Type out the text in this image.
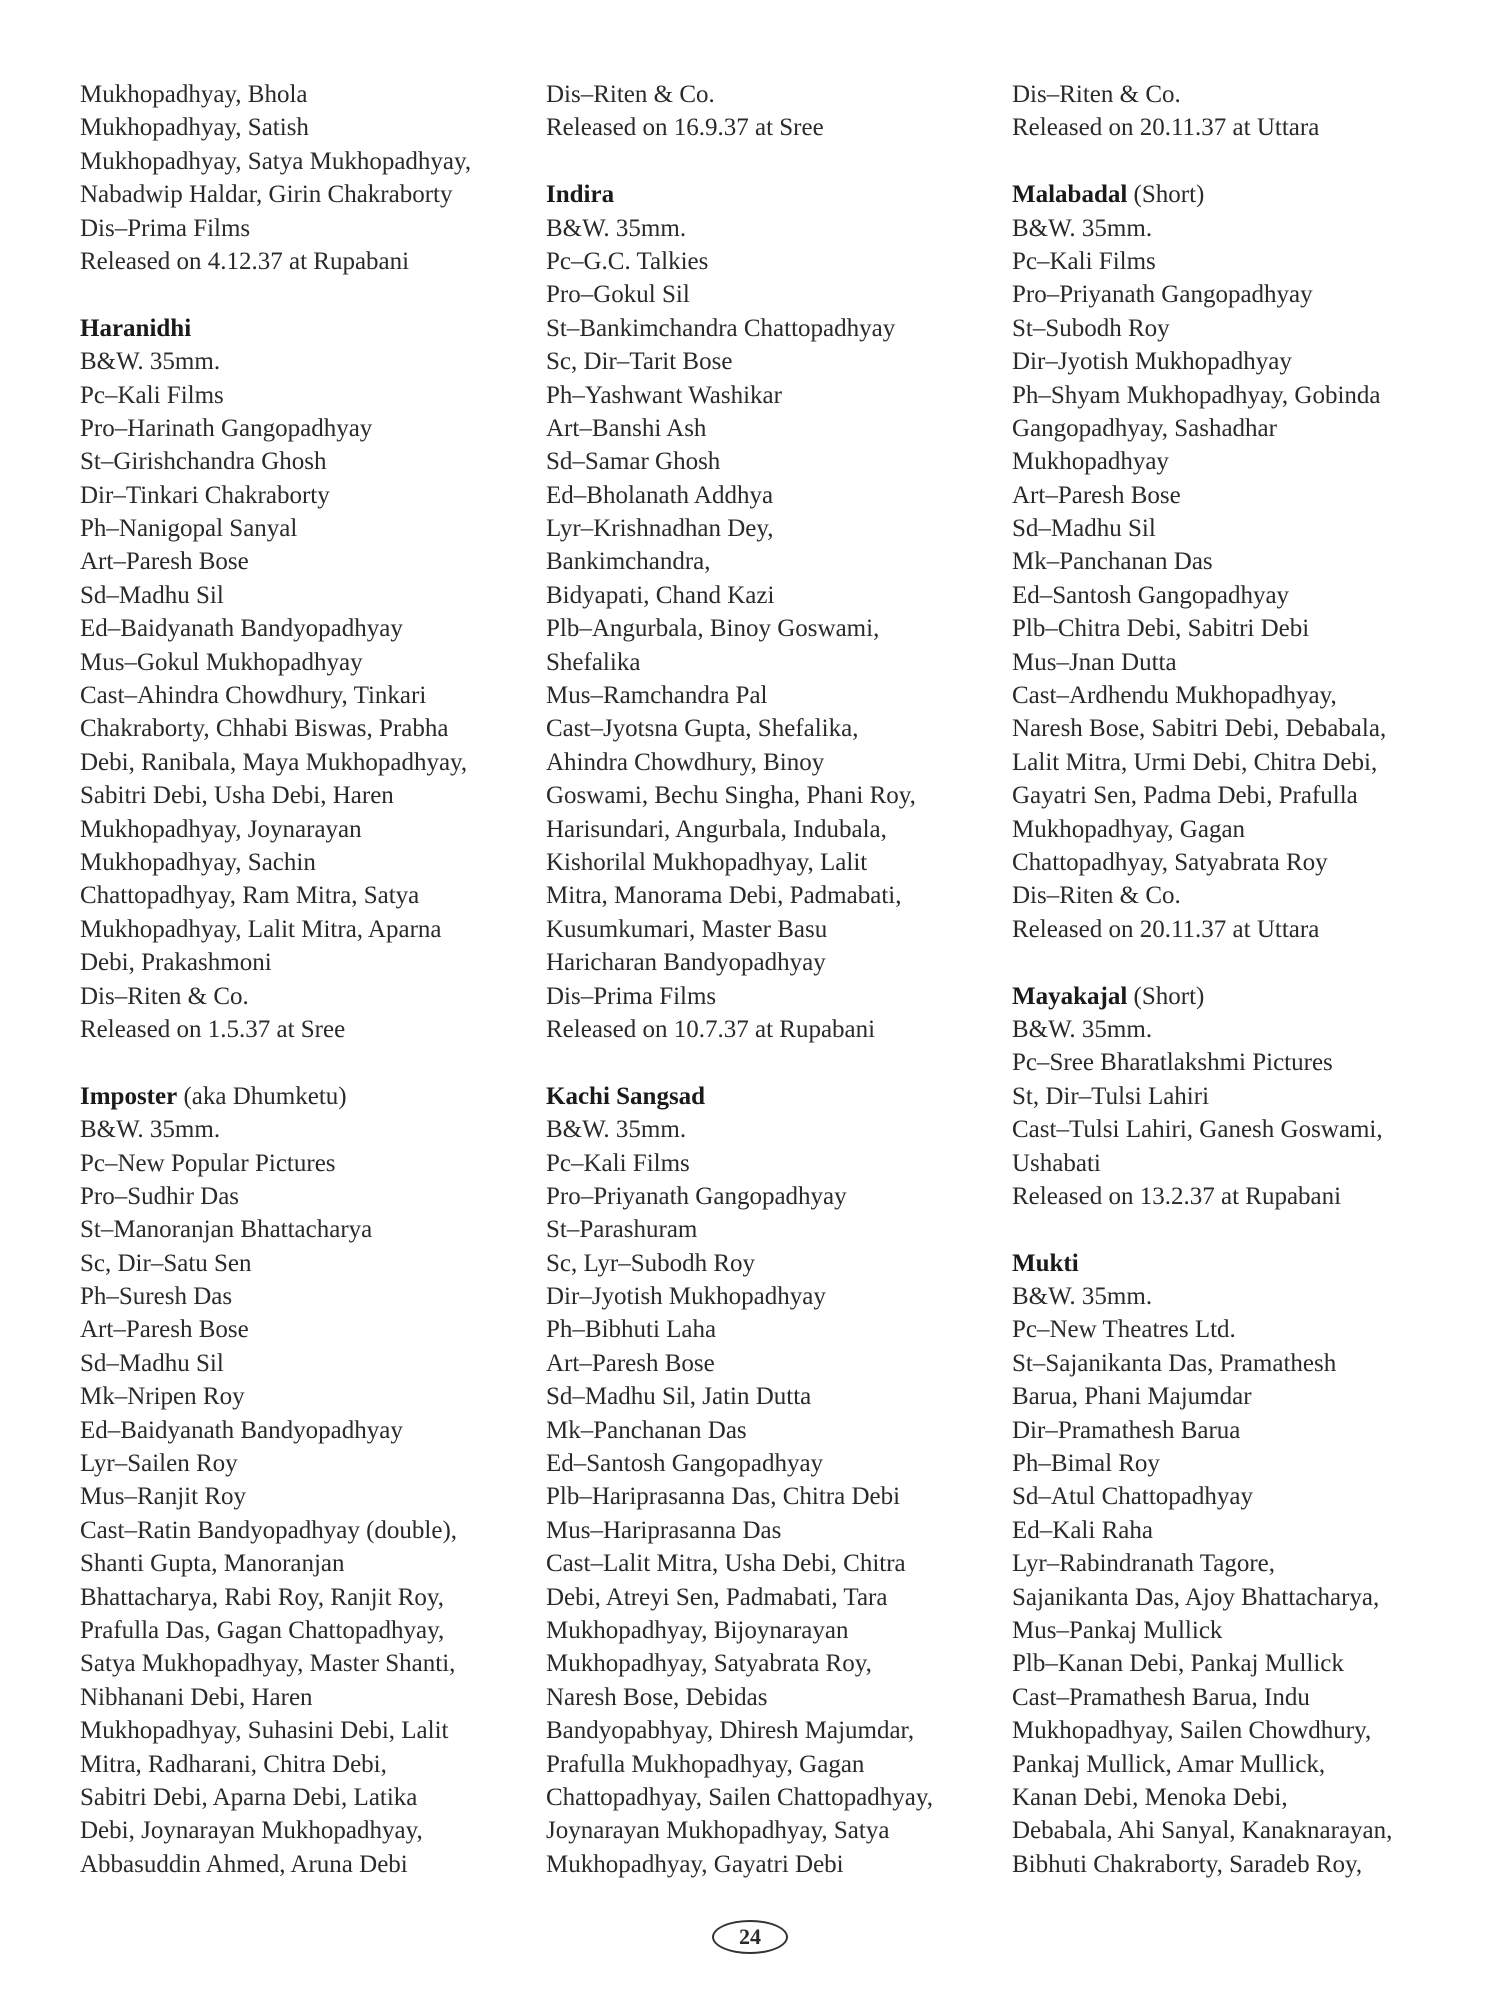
Mukhopadhyay, Bhola
Mukhopadhyay, Satish
Mukhopadhyay, Satya Mukhopadhyay,
Nabadwip Haldar, Girin Chakraborty
Dis–Prima Films
Released on 4.12.37 at Rupabani
Haranidhi
B&W. 35mm.
Pc–Kali Films
Pro–Harinath Gangopadhyay
St–Girishchandra Ghosh
Dir–Tinkari Chakraborty
Ph–Nanigopal Sanyal
Art–Paresh Bose
Sd–Madhu Sil
Ed–Baidyanath Bandyopadhyay
Mus–Gokul Mukhopadhyay
Cast–Ahindra Chowdhury, Tinkari
Chakraborty, Chhabi Biswas, Prabha
Debi, Ranibala, Maya Mukhopadhyay,
Sabitri Debi, Usha Debi, Haren
Mukhopadhyay, Joynarayan
Mukhopadhyay, Sachin
Chattopadhyay, Ram Mitra, Satya
Mukhopadhyay, Lalit Mitra, Aparna
Debi, Prakashmoni
Dis–Riten & Co.
Released on 1.5.37 at Sree
Imposter (aka Dhumketu)
B&W. 35mm.
Pc–New Popular Pictures
Pro–Sudhir Das
St–Manoranjan Bhattacharya
Sc, Dir–Satu Sen
Ph–Suresh Das
Art–Paresh Bose
Sd–Madhu Sil
Mk–Nripen Roy
Ed–Baidyanath Bandyopadhyay
Lyr–Sailen Roy
Mus–Ranjit Roy
Cast–Ratin Bandyopadhyay (double),
Shanti Gupta, Manoranjan
Bhattacharya, Rabi Roy, Ranjit Roy,
Prafulla Das, Gagan Chattopadhyay,
Satya Mukhopadhyay, Master Shanti,
Nibhanani Debi, Haren
Mukhopadhyay, Suhasini Debi, Lalit
Mitra, Radharani, Chitra Debi,
Sabitri Debi, Aparna Debi, Latika
Debi, Joynarayan Mukhopadhyay,
Abbasuddin Ahmed, Aruna Debi
Dis–Riten & Co.
Released on 16.9.37 at Sree
Indira
B&W. 35mm.
Pc–G.C. Talkies
Pro–Gokul Sil
St–Bankimchandra Chattopadhyay
Sc, Dir–Tarit Bose
Ph–Yashwant Washikar
Art–Banshi Ash
Sd–Samar Ghosh
Ed–Bholanath Addhya
Lyr–Krishnadhan Dey,
Bankimchandra,
Bidyapati, Chand Kazi
Plb–Angurbala, Binoy Goswami,
Shefalika
Mus–Ramchandra Pal
Cast–Jyotsna Gupta, Shefalika,
Ahindra Chowdhury, Binoy
Goswami, Bechu Singha, Phani Roy,
Harisundari, Angurbala, Indubala,
Kishorilal Mukhopadhyay, Lalit
Mitra, Manorama Debi, Padmabati,
Kusumkumari, Master Basu
Haricharan Bandyopadhyay
Dis–Prima Films
Released on 10.7.37 at Rupabani
Kachi Sangsad
B&W. 35mm.
Pc–Kali Films
Pro–Priyanath Gangopadhyay
St–Parashuram
Sc, Lyr–Subodh Roy
Dir–Jyotish Mukhopadhyay
Ph–Bibhuti Laha
Art–Paresh Bose
Sd–Madhu Sil, Jatin Dutta
Mk–Panchanan Das
Ed–Santosh Gangopadhyay
Plb–Hariprasanna Das, Chitra Debi
Mus–Hariprasanna Das
Cast–Lalit Mitra, Usha Debi, Chitra
Debi, Atreyi Sen, Padmabati, Tara
Mukhopadhyay, Bijoynarayan
Mukhopadhyay, Satyabrata Roy,
Naresh Bose, Debidas
Bandyopabhyay, Dhiresh Majumdar,
Prafulla Mukhopadhyay, Gagan
Chattopadhyay, Sailen Chattopadhyay,
Joynarayan Mukhopadhyay, Satya
Mukhopadhyay, Gayatri Debi
Dis–Riten & Co.
Released on 20.11.37 at Uttara
Malabadal (Short)
B&W. 35mm.
Pc–Kali Films
Pro–Priyanath Gangopadhyay
St–Subodh Roy
Dir–Jyotish Mukhopadhyay
Ph–Shyam Mukhopadhyay, Gobinda
Gangopadhyay, Sashadhar
Mukhopadhyay
Art–Paresh Bose
Sd–Madhu Sil
Mk–Panchanan Das
Ed–Santosh Gangopadhyay
Plb–Chitra Debi, Sabitri Debi
Mus–Jnan Dutta
Cast–Ardhendu Mukhopadhyay,
Naresh Bose, Sabitri Debi, Debabala,
Lalit Mitra, Urmi Debi, Chitra Debi,
Gayatri Sen, Padma Debi, Prafulla
Mukhopadhyay, Gagan
Chattopadhyay, Satyabrata Roy
Dis–Riten & Co.
Released on 20.11.37 at Uttara
Mayakajal (Short)
B&W. 35mm.
Pc–Sree Bharatlakshmi Pictures
St, Dir–Tulsi Lahiri
Cast–Tulsi Lahiri, Ganesh Goswami,
Ushabati
Released on 13.2.37 at Rupabani
Mukti
B&W. 35mm.
Pc–New Theatres Ltd.
St–Sajanikanta Das, Pramathesh
Barua, Phani Majumdar
Dir–Pramathesh Barua
Ph–Bimal Roy
Sd–Atul Chattopadhyay
Ed–Kali Raha
Lyr–Rabindranath Tagore,
Sajanikanta Das, Ajoy Bhattacharya,
Mus–Pankaj Mullick
Plb–Kanan Debi, Pankaj Mullick
Cast–Pramathesh Barua, Indu
Mukhopadhyay, Sailen Chowdhury,
Pankaj Mullick, Amar Mullick,
Kanan Debi, Menoka Debi,
Debabala, Ahi Sanyal, Kanaknarayan,
Bibhuti Chakraborty, Saradeb Roy,
24
